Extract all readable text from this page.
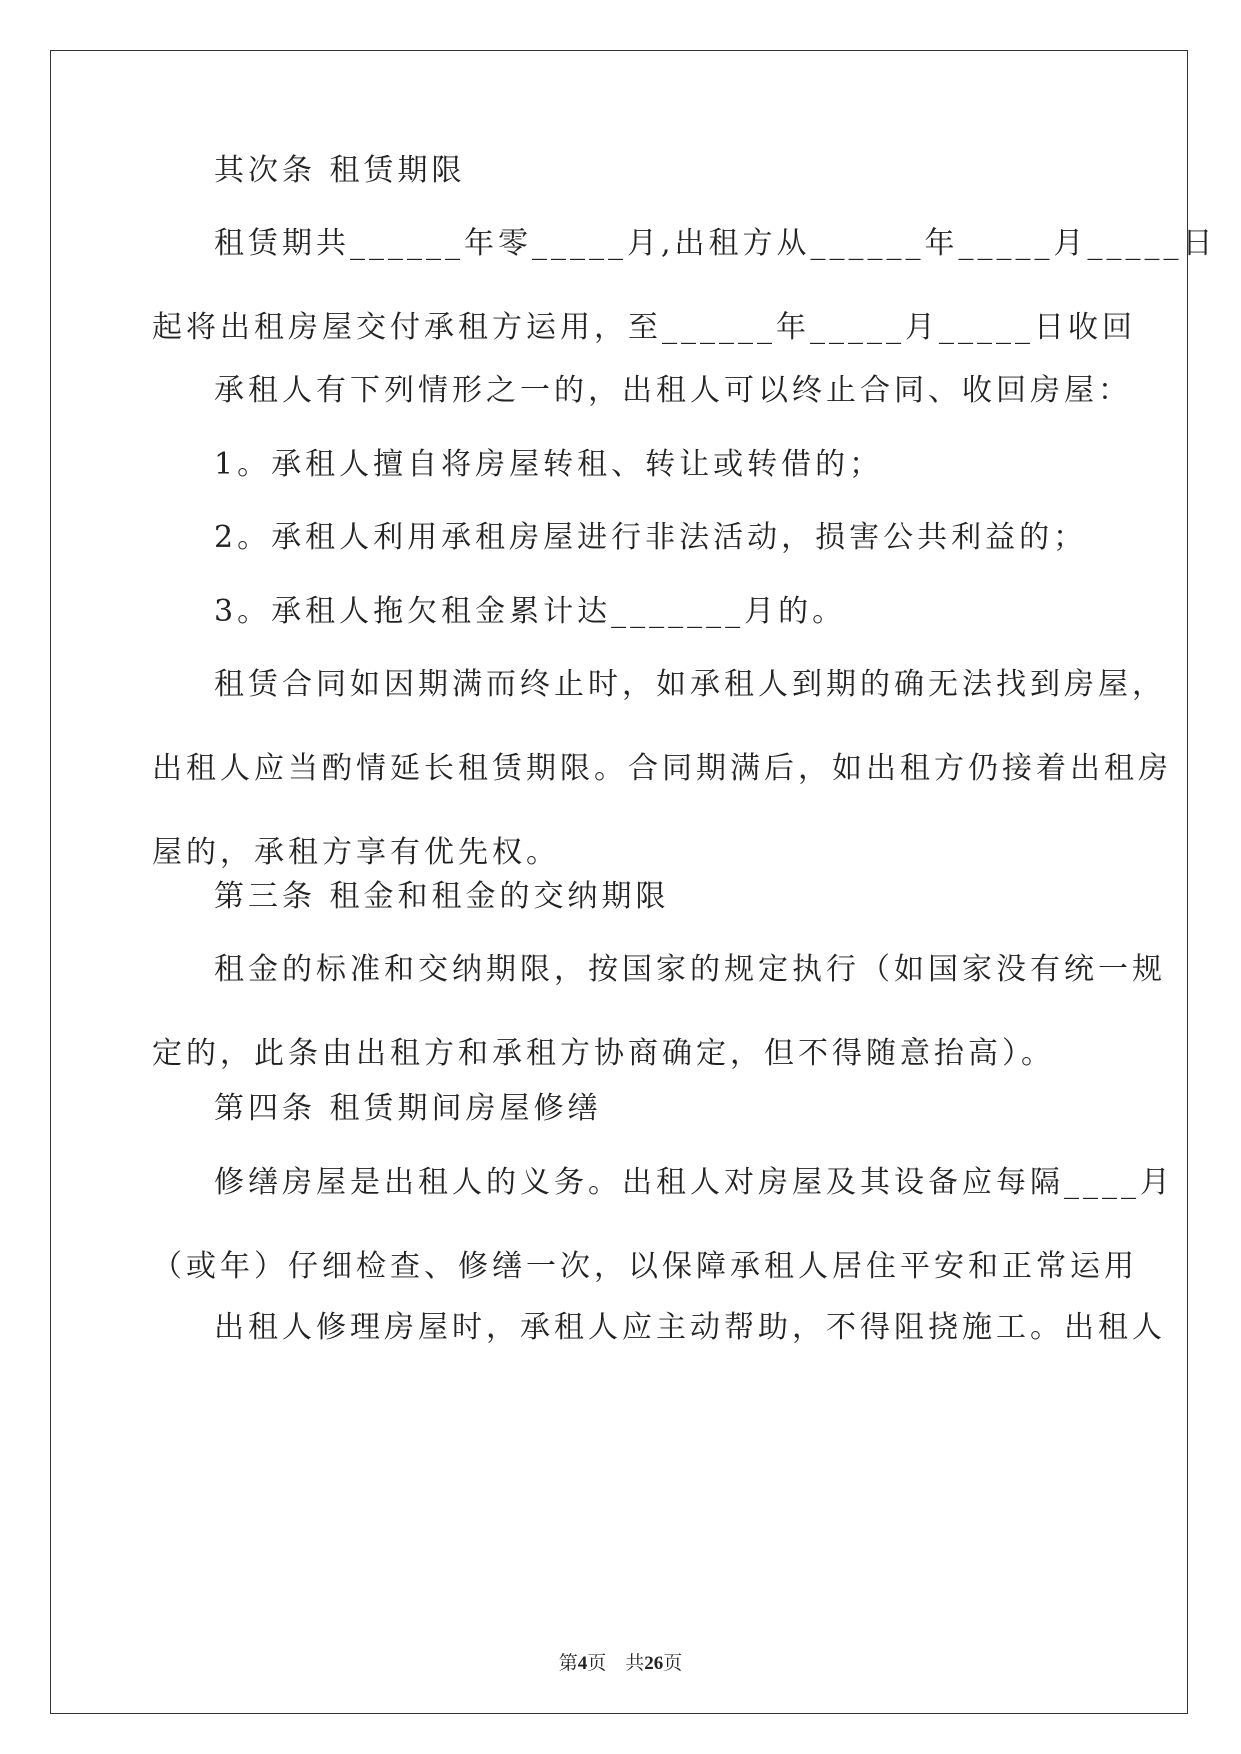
其次条 租赁期限
租赁期共______年零_____月,出租方从______年_____月_____日
起将出租房屋交付承租方运用，至______年_____月_____日收回
承租人有下列情形之一的，出租人可以终止合同、收回房屋：
1。承租人擅自将房屋转租、转让或转借的；
2。承租人利用承租房屋进行非法活动，损害公共利益的；
3。承租人拖欠租金累计达_______月的。
租赁合同如因期满而终止时，如承租人到期的确无法找到房屋，
出租人应当酌情延长租赁期限。合同期满后，如出租方仍接着出租房
屋的，承租方享有优先权。
第三条 租金和租金的交纳期限
租金的标准和交纳期限，按国家的规定执行（如国家没有统一规
定的，此条由出租方和承租方协商确定，但不得随意抬高）。
第四条 租赁期间房屋修缮
修缮房屋是出租人的义务。出租人对房屋及其设备应每隔____月
（或年）仔细检查、修缮一次，以保障承租人居住平安和正常运用
出租人修理房屋时，承租人应主动帮助，不得阻挠施工。出租人
第4页    共26页
